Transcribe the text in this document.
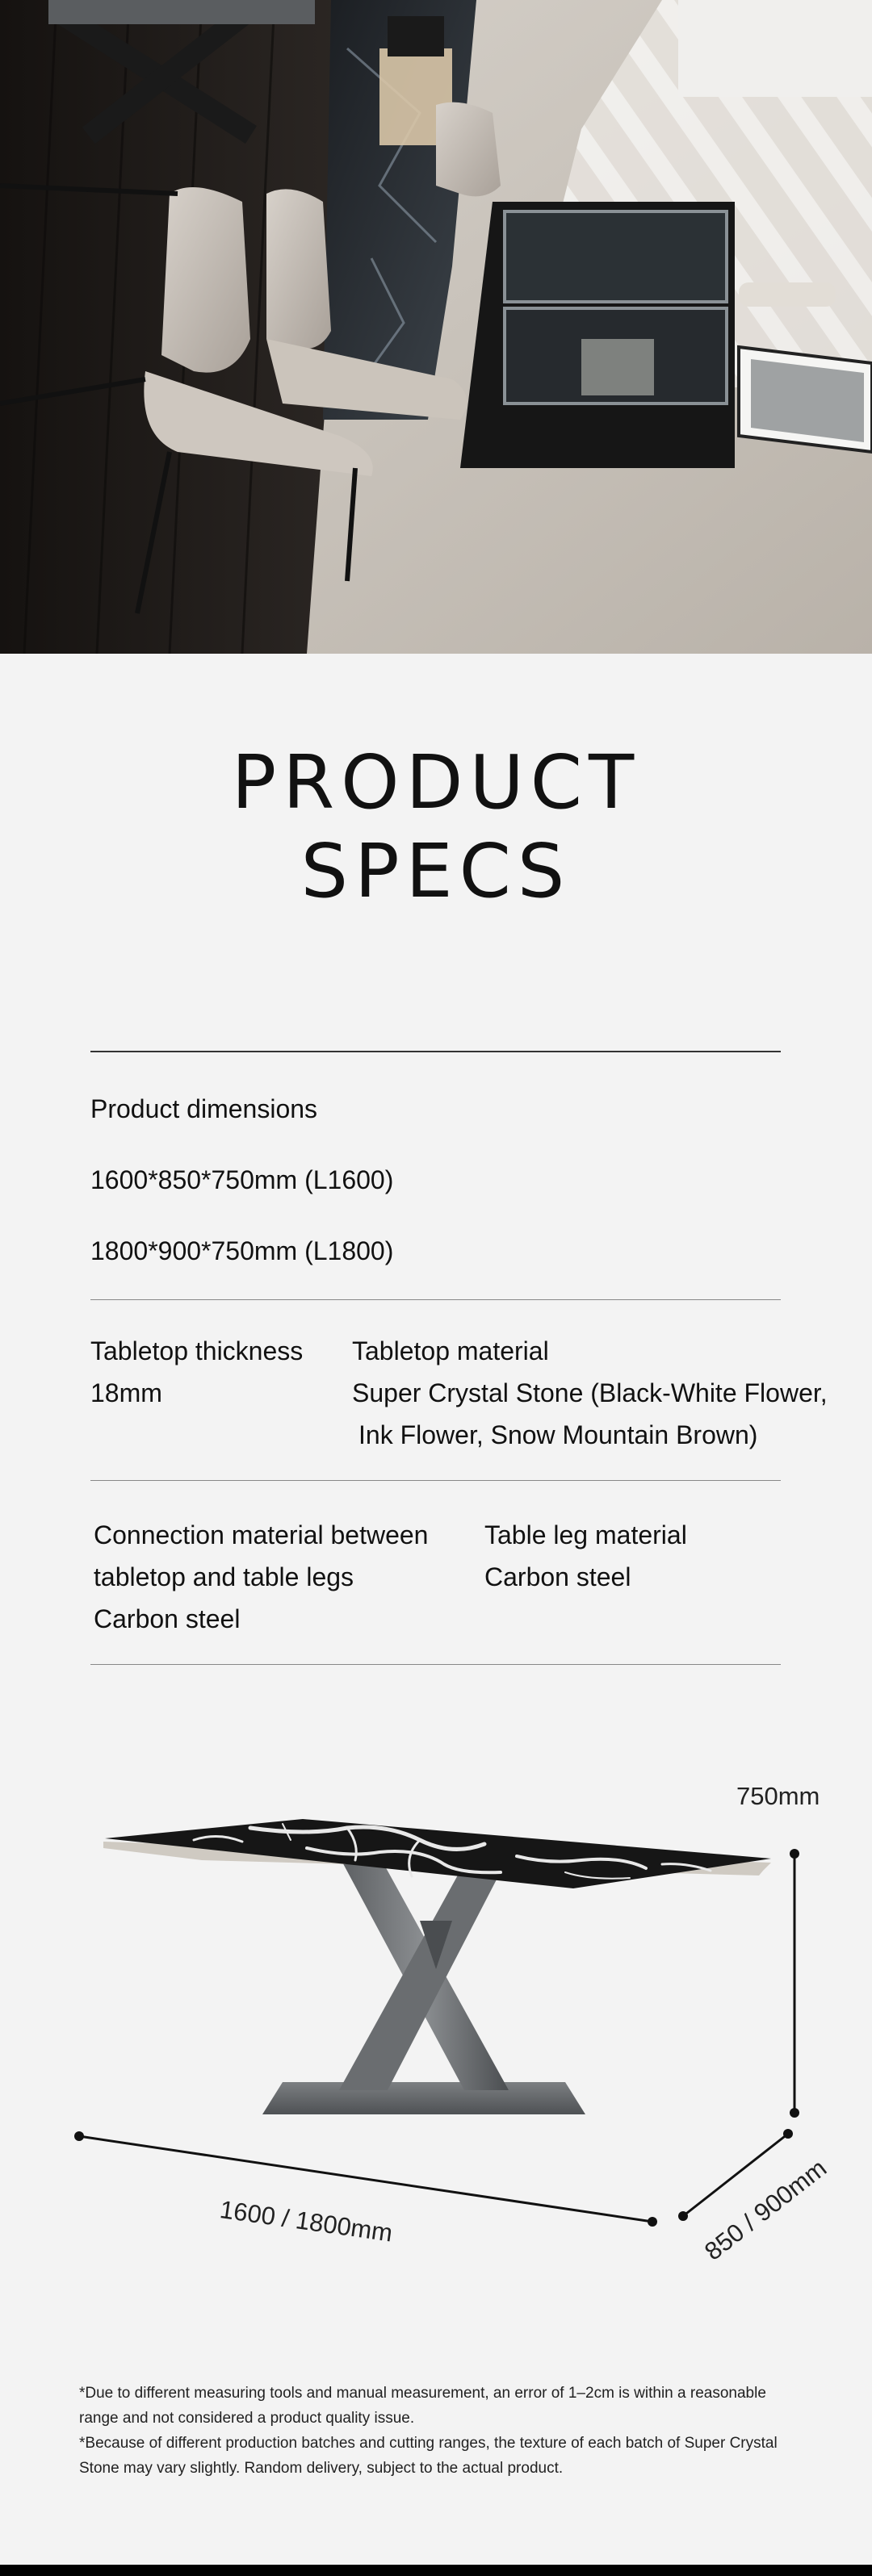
PRODUCT
SPECS
Product dimensions
1600*850*750mm (L1600)
1800*900*750mm (L1800)
Tabletop thickness
18mm
Tabletop material
Super Crystal Stone (Black-White Flower,
Ink Flower, Snow Mountain Brown)
Connection material between
tabletop and table legs
Carbon steel
Table leg material
Carbon steel
750mm
1600 / 1800mm	850 / 900mm

*Due to different measuring tools and manual measurement, an error of 1–2cm is within a reasonable range and not considered a product quality issue.

*Because of different production batches and cutting ranges, the texture of each batch of Super Crystal Stone may vary slightly. Random delivery, subject to the actual product.
